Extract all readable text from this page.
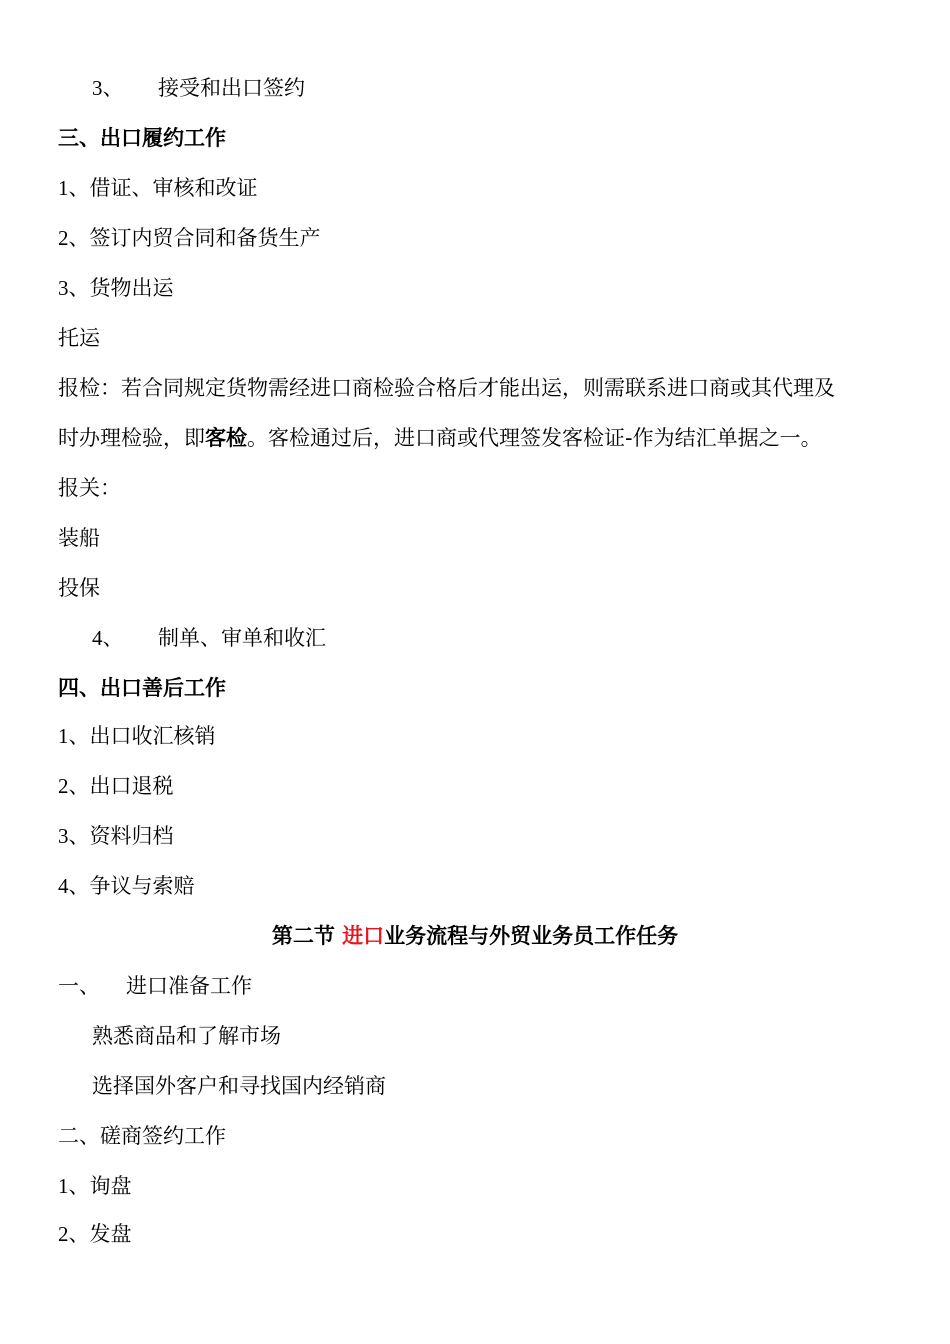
3、 接受和出口签约
三、出口履约工作
1、借证、审核和改证
2、签订内贸合同和备货生产
3、货物出运
托运
报检：若合同规定货物需经进口商检验合格后才能出运，则需联系进口商或其代理及
时办理检验，即客检。客检通过后，进口商或代理签发客检证-作为结汇单据之一。
报关：
装船
投保
4、 制单、审单和收汇
四、出口善后工作
1、出口收汇核销
2、出口退税
3、资料归档
4、争议与索赔
第二节 进口业务流程与外贸业务员工作任务
一、 进口准备工作
熟悉商品和了解市场
选择国外客户和寻找国内经销商
二、磋商签约工作
1、询盘
2、发盘
